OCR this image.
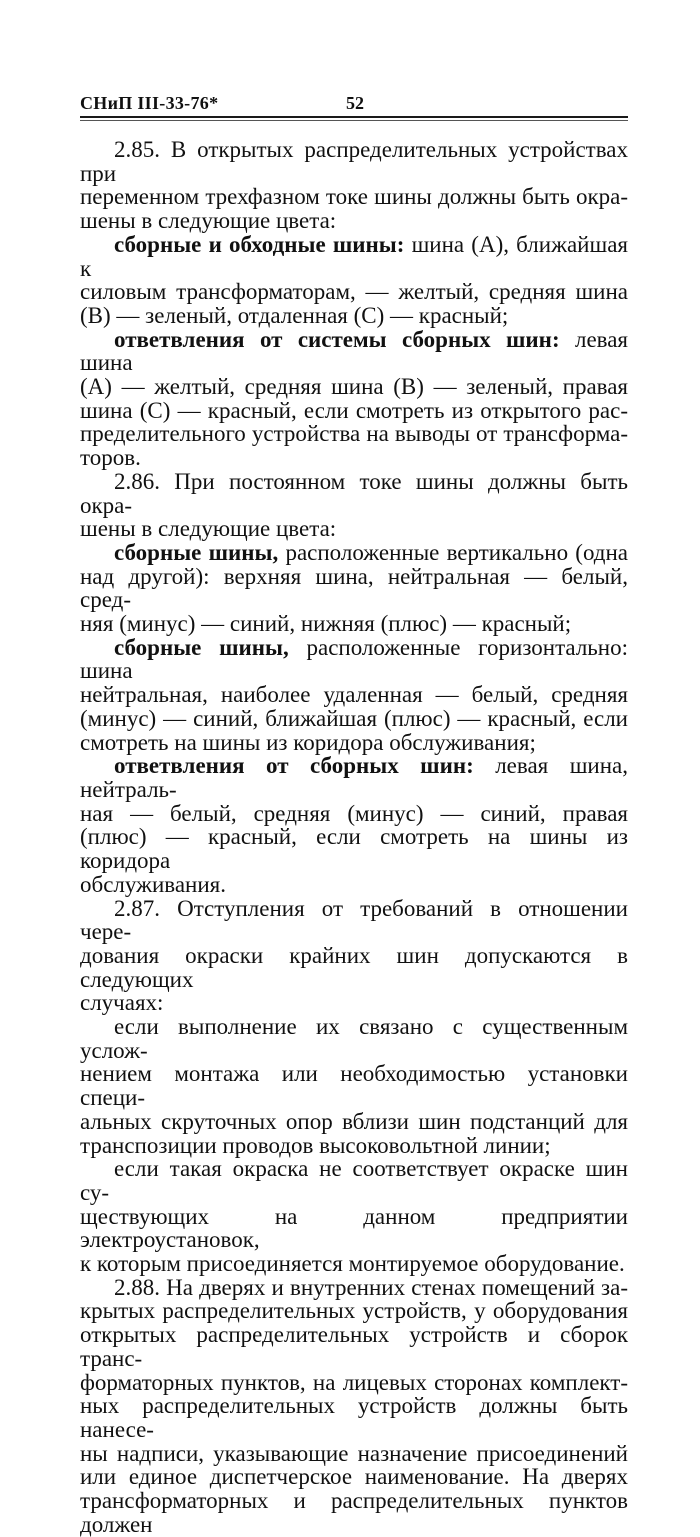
СНиП III-33-76*	52

2.85. В открытых распределительных устройствах при

переменном трехфазном токе шины должны быть окра-

шены в следующие цвета:

сборные и обходные шины: шина (А), ближайшая к

силовым трансформаторам, — желтый, средняя шина

(В) — зеленый, отдаленная (С) — красный;

ответвления от системы сборных шин: левая шина

(А) — желтый, средняя шина (В) — зеленый, правая

шина (С) — красный, если смотреть из открытого рас-

пределительного устройства на выводы от трансформа-

торов.

2.86. При постоянном токе шины должны быть окра-

шены в следующие цвета:

сборные шины, расположенные вертикально (одна

над другой): верхняя шина, нейтральная — белый, сред-

няя (минус) — синий, нижняя (плюс) — красный;

сборные шины, расположенные горизонтально: шина

нейтральная, наиболее удаленная — белый, средняя

(минус) — синий, ближайшая (плюс) — красный, если

смотреть на шины из коридора обслуживания;

ответвления от сборных шин: левая шина, нейтраль-

ная — белый, средняя (минус) — синий, правая

(плюс) — красный, если смотреть на шины из коридора

обслуживания.

2.87. Отступления от требований в отношении чере-

дования окраски крайних шин допускаются в следующих

случаях:

если выполнение их связано с существенным услож-

нением монтажа или необходимостью установки специ-

альных скруточных опор вблизи шин подстанций для

транспозиции проводов высоковольтной линии;

если такая окраска не соответствует окраске шин су-

ществующих на данном предприятии электроустановок,

к которым присоединяется монтируемое оборудование.

2.88. На дверях и внутренних стенах помещений за-

крытых распределительных устройств, у оборудования

открытых распределительных устройств и сборок транс-

форматорных пунктов, на лицевых сторонах комплект-

ных распределительных устройств должны быть нанесе-

ны надписи, указывающие назначение присоединений

или единое диспетчерское наименование. На дверях

трансформаторных и распределительных пунктов должен
